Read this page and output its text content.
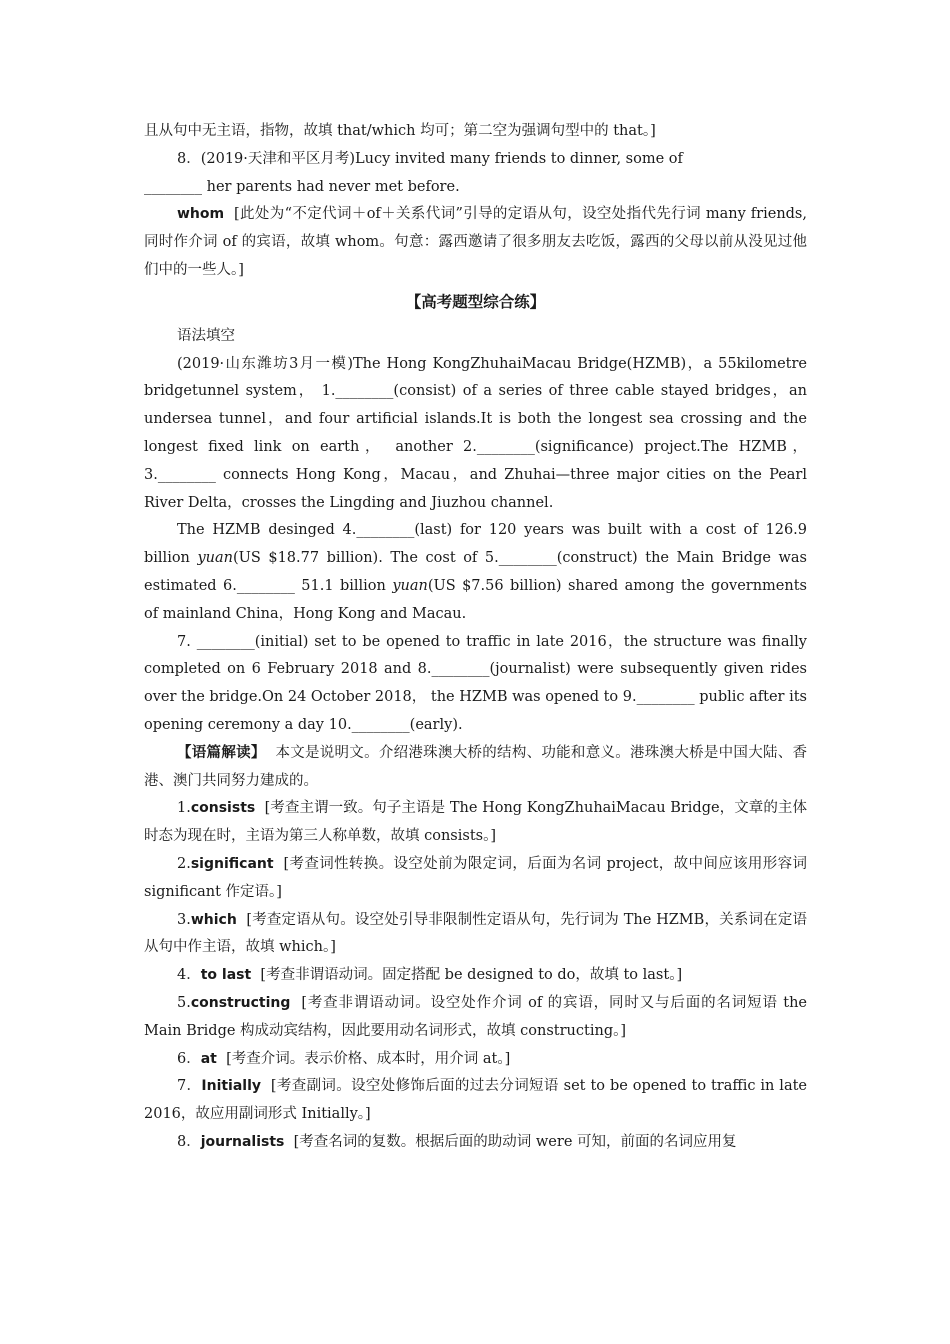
且从句中无主语，指物，故填 that/which 均可；第二空为强调句型中的 that。]

8．(2019·天津和平区月考)Lucy invited many friends to dinner, some of

________ her parents had never met before.

whom [此处为“不定代词＋of＋关系代词”引导的定语从句，设空处指代先行词 many friends, 同时作介词 of 的宾语，故填 whom。句意：露西邀请了很多朋友去吃饭，露西的父母以前从没见过他们中的一些人。]

【高考题型综合练】

语法填空

(2019·山东潍坊3月一模)The Hong KongZhuhaiMacau Bridge(HZMB)，a 55kilometre bridgetunnel system， 1.________(consist) of a series of three cable stayed bridges，an undersea tunnel，and four artificial islands.It is both the longest sea crossing and the longest fixed link on earth， another 2.________(significance) project.The HZMB，3.________ connects Hong Kong，Macau，and Zhuhai—three major cities on the Pearl River Delta，crosses the Lingding and Jiuzhou channel.

The HZMB desinged 4.________(last) for 120 years was built with a cost of 126.9 billion yuan(US $18.77 billion). The cost of 5.________(construct) the Main Bridge was estimated 6.________ 51.1 billion yuan(US $7.56 billion) shared among the governments of mainland China，Hong Kong and Macau.

7. ________(initial) set to be opened to traffic in late 2016，the structure was finally completed on 6 February 2018 and 8.________(journalist) were subsequently given rides over the bridge.On 24 October 2018， the HZMB was opened to 9.________ public after its opening ceremony a day 10.________(early).

【语篇解读】 本文是说明文。介绍港珠澳大桥的结构、功能和意义。港珠澳大桥是中国大陆、香港、澳门共同努力建成的。

1.consists [考查主谓一致。句子主语是 The Hong KongZhuhaiMacau Bridge，文章的主体时态为现在时，主语为第三人称单数，故填 consists。]

2.significant [考查词性转换。设空处前为限定词，后面为名词 project，故中间应该用形容词 significant 作定语。]

3.which [考查定语从句。设空处引导非限制性定语从句，先行词为 The HZMB，关系词在定语从句中作主语，故填 which。]

4．to last [考查非谓语动词。固定搭配 be designed to do，故填 to last。]

5.constructing [考查非谓语动词。设空处作介词 of 的宾语，同时又与后面的名词短语 the Main Bridge 构成动宾结构，因此要用动名词形式，故填 constructing。]

6．at [考查介词。表示价格、成本时，用介词 at。]

7．Initially [考查副词。设空处修饰后面的过去分词短语 set to be opened to traffic in late 2016，故应用副词形式 Initially。]

8．journalists [考查名词的复数。根据后面的助动词 were 可知，前面的名词应用复
